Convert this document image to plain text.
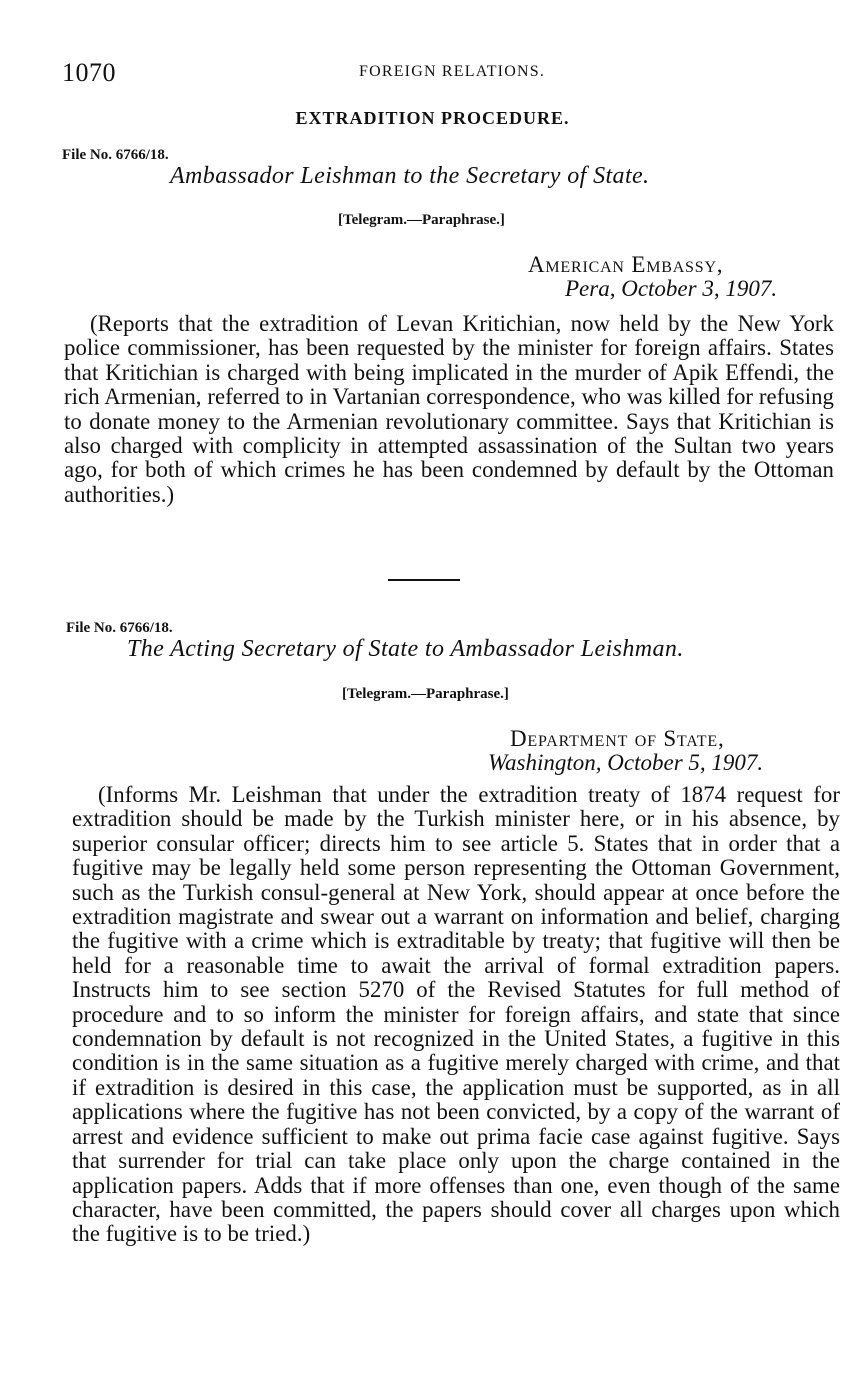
1070	FOREIGN RELATIONS.
EXTRADITION PROCEDURE.
File No. 6766/18.
Ambassador Leishman to the Secretary of State.
[Telegram.—Paraphrase.]
American Embassy,
Pera, October 3, 1907.
(Reports that the extradition of Levan Kritichian, now held by the New York police commissioner, has been requested by the minister for foreign affairs. States that Kritichian is charged with being implicated in the murder of Apik Effendi, the rich Armenian, referred to in Vartanian correspondence, who was killed for refusing to donate money to the Armenian revolutionary committee. Says that Kritichian is also charged with complicity in attempted assassination of the Sultan two years ago, for both of which crimes he has been condemned by default by the Ottoman authorities.)
File No. 6766/18.
The Acting Secretary of State to Ambassador Leishman.
[Telegram.—Paraphrase.]
Department of State,
Washington, October 5, 1907.
(Informs Mr. Leishman that under the extradition treaty of 1874 request for extradition should be made by the Turkish minister here, or in his absence, by superior consular officer; directs him to see article 5. States that in order that a fugitive may be legally held some person representing the Ottoman Government, such as the Turkish consul-general at New York, should appear at once before the extradition magistrate and swear out a warrant on information and belief, charging the fugitive with a crime which is extraditable by treaty; that fugitive will then be held for a reasonable time to await the arrival of formal extradition papers. Instructs him to see section 5270 of the Revised Statutes for full method of procedure and to so inform the minister for foreign affairs, and state that since condemnation by default is not recognized in the United States, a fugitive in this condition is in the same situation as a fugitive merely charged with crime, and that if extradition is desired in this case, the application must be supported, as in all applications where the fugitive has not been convicted, by a copy of the warrant of arrest and evidence sufficient to make out prima facie case against fugitive. Says that surrender for trial can take place only upon the charge contained in the application papers. Adds that if more offenses than one, even though of the same character, have been committed, the papers should cover all charges upon which the fugitive is to be tried.)
